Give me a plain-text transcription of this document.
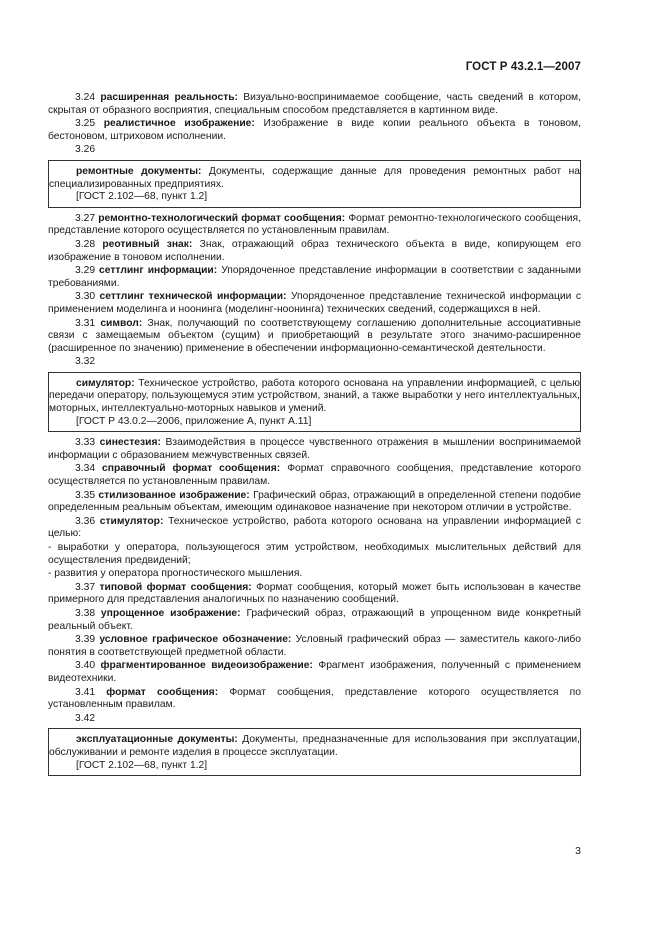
ГОСТ Р 43.2.1—2007

3.24 расширенная реальность: Визуально-воспринимаемое сообщение, часть сведений в котором, скрытая от образного восприятия, специальным способом представляется в картинном виде.

3.25 реалистичное изображение: Изображение в виде копии реального объекта в тоновом, бестоновом, штриховом исполнении.

3.26

ремонтные документы: Документы, содержащие данные для проведения ремонтных работ на специализированных предприятиях.

[ГОСТ 2.102—68, пункт 1.2]

3.27 ремонтно-технологический формат сообщения: Формат ремонтно-технологического сообщения, представление которого осуществляется по установленным правилам.

3.28 реотивный знак: Знак, отражающий образ технического объекта в виде, копирующем его изображение в тоновом исполнении.

3.29 сеттлинг информации: Упорядоченное представление информации в соответствии с заданными требованиями.

3.30 сеттлинг технической информации: Упорядоченное представление технической информации с применением моделинга и ноонинга (моделинг-ноонинга) технических сведений, содержащихся в ней.

3.31 символ: Знак, получающий по соответствующему соглашению дополнительные ассоциативные связи с замещаемым объектом (сущим) и приобретающий в результате этого значимо-расширенное (расширенное по значению) применение в обеспечении информационно-семантической деятельности.

3.32

симулятор: Техническое устройство, работа которого основана на управлении информацией, с целью передачи оператору, пользующемуся этим устройством, знаний, а также выработки у него интеллектуальных, моторных, интеллектуально-моторных навыков и умений.

[ГОСТ Р 43.0.2—2006, приложение А, пункт А.11]

3.33 синестезия: Взаимодействия в процессе чувственного отражения в мышлении воспринимаемой информации с образованием межчувственных связей.

3.34 справочный формат сообщения: Формат справочного сообщения, представление которого осуществляется по установленным правилам.

3.35 стилизованное изображение: Графический образ, отражающий в определенной степени подобие определенным реальным объектам, имеющим одинаковое назначение при некотором отличии в устройстве.

3.36 стимулятор: Техническое устройство, работа которого основана на управлении информацией с целью:

- выработки у оператора, пользующегося этим устройством, необходимых мыслительных действий для осуществления предвидений;

- развития у оператора прогностического мышления.

3.37 типовой формат сообщения: Формат сообщения, который может быть использован в качестве примерного для представления аналогичных по назначению сообщений.

3.38 упрощенное изображение: Графический образ, отражающий в упрощенном виде конкретный реальный объект.

3.39 условное графическое обозначение: Условный графический образ — заместитель какого-либо понятия в соответствующей предметной области.

3.40 фрагментированное видеоизображение: Фрагмент изображения, полученный с применением видеотехники.

3.41 формат сообщения: Формат сообщения, представление которого осуществляется по установленным правилам.

3.42

эксплуатационные документы: Документы, предназначенные для использования при эксплуатации, обслуживании и ремонте изделия в процессе эксплуатации.

[ГОСТ 2.102—68, пункт 1.2]

3
